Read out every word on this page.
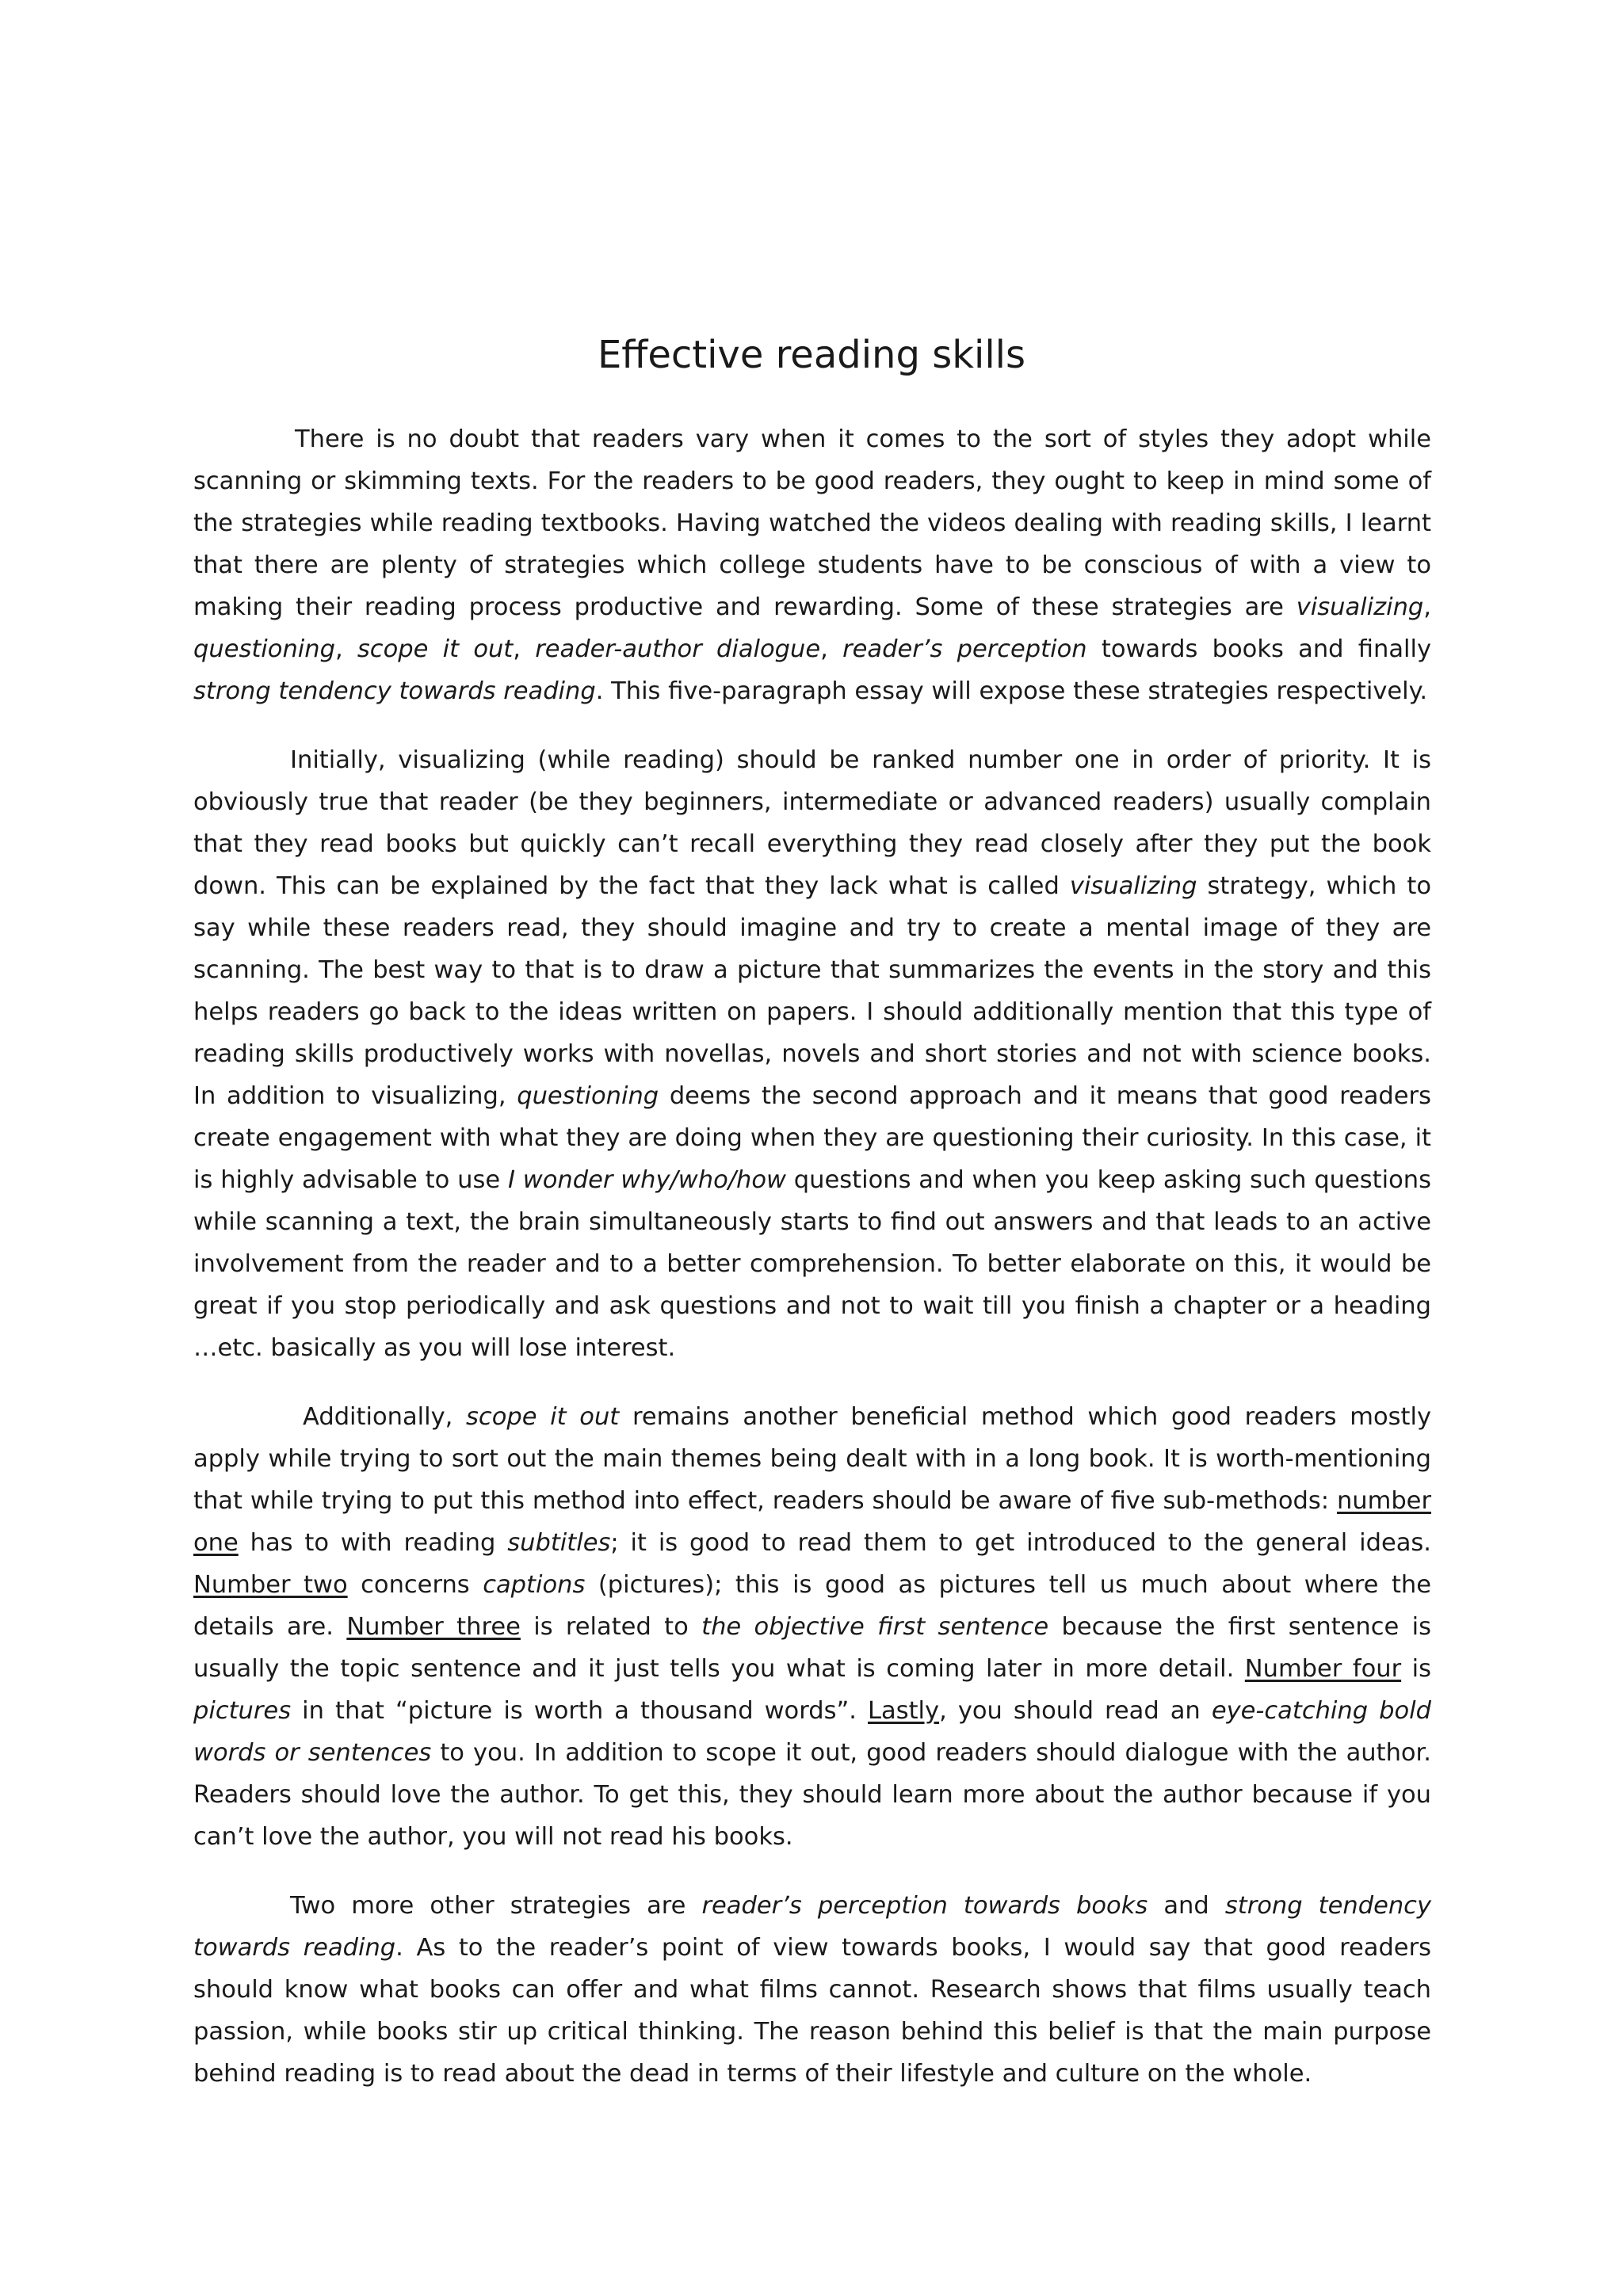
Effective reading skills

There is no doubt that readers vary when it comes to the sort of styles they adopt while scanning or skimming texts. For the readers to be good readers, they ought to keep in mind some of the strategies while reading textbooks. Having watched the videos dealing with reading skills, I learnt that there are plenty of strategies which college students have to be conscious of with a view to making their reading process productive and rewarding. Some of these strategies are visualizing, questioning, scope it out, reader-author dialogue, reader’s perception towards books and finally strong tendency towards reading. This five-paragraph essay will expose these strategies respectively.

Initially, visualizing (while reading) should be ranked number one in order of priority. It is obviously true that reader (be they beginners, intermediate or advanced readers) usually complain that they read books but quickly can’t recall everything they read closely after they put the book down. This can be explained by the fact that they lack what is called visualizing strategy, which to say while these readers read, they should imagine and try to create a mental image of they are scanning. The best way to that is to draw a picture that summarizes the events in the story and this helps readers go back to the ideas written on papers. I should additionally mention that this type of reading skills productively works with novellas, novels and short stories and not with science books. In addition to visualizing, questioning deems the second approach and it means that good readers create engagement with what they are doing when they are questioning their curiosity. In this case, it is highly advisable to use I wonder why/who/how questions and when you keep asking such questions while scanning a text, the brain simultaneously starts to find out answers and that leads to an active involvement from the reader and to a better comprehension. To better elaborate on this, it would be great if you stop periodically and ask questions and not to wait till you finish a chapter or a heading …etc. basically as you will lose interest.

Additionally, scope it out remains another beneficial method which good readers mostly apply while trying to sort out the main themes being dealt with in a long book. It is worth-mentioning that while trying to put this method into effect, readers should be aware of five sub-methods: number one has to with reading subtitles; it is good to read them to get introduced to the general ideas. Number two concerns captions (pictures); this is good as pictures tell us much about where the details are. Number three is related to the objective first sentence because the first sentence is usually the topic sentence and it just tells you what is coming later in more detail. Number four is pictures in that “picture is worth a thousand words”. Lastly, you should read an eye-catching bold words or sentences to you. In addition to scope it out, good readers should dialogue with the author. Readers should love the author. To get this, they should learn more about the author because if you can’t love the author, you will not read his books.

Two more other strategies are reader’s perception towards books and strong tendency towards reading. As to the reader’s point of view towards books, I would say that good readers should know what books can offer and what films cannot. Research shows that films usually teach passion, while books stir up critical thinking. The reason behind this belief is that the main purpose behind reading is to read about the dead in terms of their lifestyle and culture on the whole.
